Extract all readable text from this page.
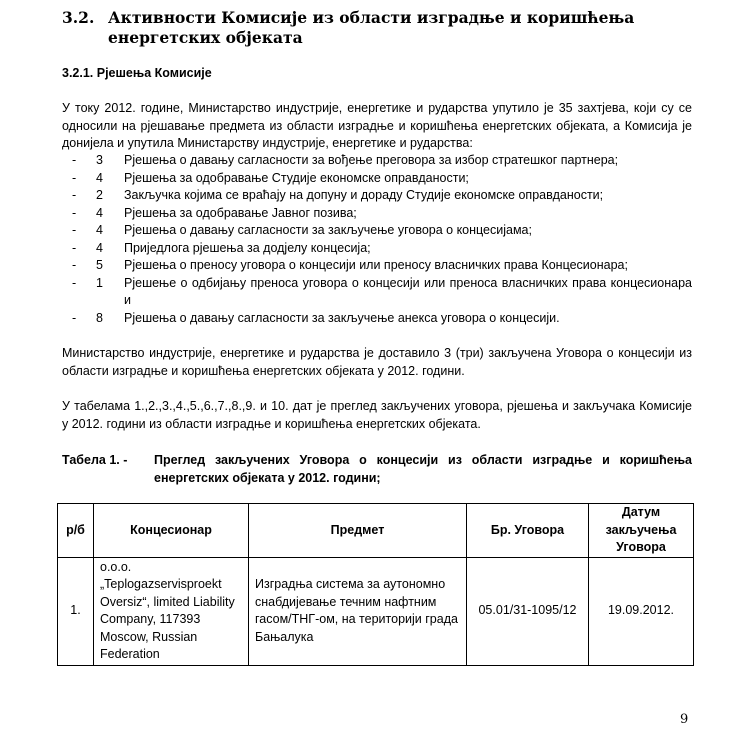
3.2. Активности Комисије из области изградње и коришћења енергетских објеката
3.2.1. Рјешења Комисије
У току 2012. године, Министарство индустрије, енергетике и рударства упутило је 35 захтјева, који су се односили на рјешавање предмета из области изградње и коришћења енергетских објеката, а Комисија је донијела и упутила Министарству индустрије, енергетике и рударства:
- 3 Рјешења о давању сагласности за вођење преговора за избор стратешког партнера;
- 4 Рјешења за одобравање Студије економске оправданости;
- 2 Закључка којима се враћају на допуну и дораду Студије економске оправданости;
- 4 Рјешења за одобравање Јавног позива;
- 4 Рјешења о давању сагласности за закључење уговора о концесијама;
- 4 Приједлога рјешења за додјелу концесија;
- 5 Рјешења о преносу уговора о концесији или преносу власничких права Концесионара;
- 1 Рјешење о одбијању преноса уговора о концесији или преноса власничких права концесионара и
- 8 Рјешења о давању сагласности за закључење анекса уговора о концесији.
Министарство индустрије, енергетике и рударства је доставило 3 (три) закључена Уговора о концесији из области изградње и коришћења енергетских објеката у 2012. години.
У табелама 1.,2.,3.,4.,5.,6.,7.,8.,9. и 10. дат је преглед закључених уговора, рјешења и закључака Комисије у 2012. години из области изградње и коришћења енергетских објеката.
Табела 1. -	Преглед закључених Уговора о концесији из области изградње и коришћења енергетских објеката у 2012. години;
р/б	Концесионар	Предмет	Бр. Уговора	Датум закључења Уговора
1.	о.о.о. „Teplogazservisproekt Oversiz“, limited Liability Company, 117393 Moscow, Russian Federation	Изградња система за аутономно снабдијевање течним нафтним гасом/ТНГ-ом, на територији града Бањалука	05.01/31-1095/12	19.09.2012.
9
